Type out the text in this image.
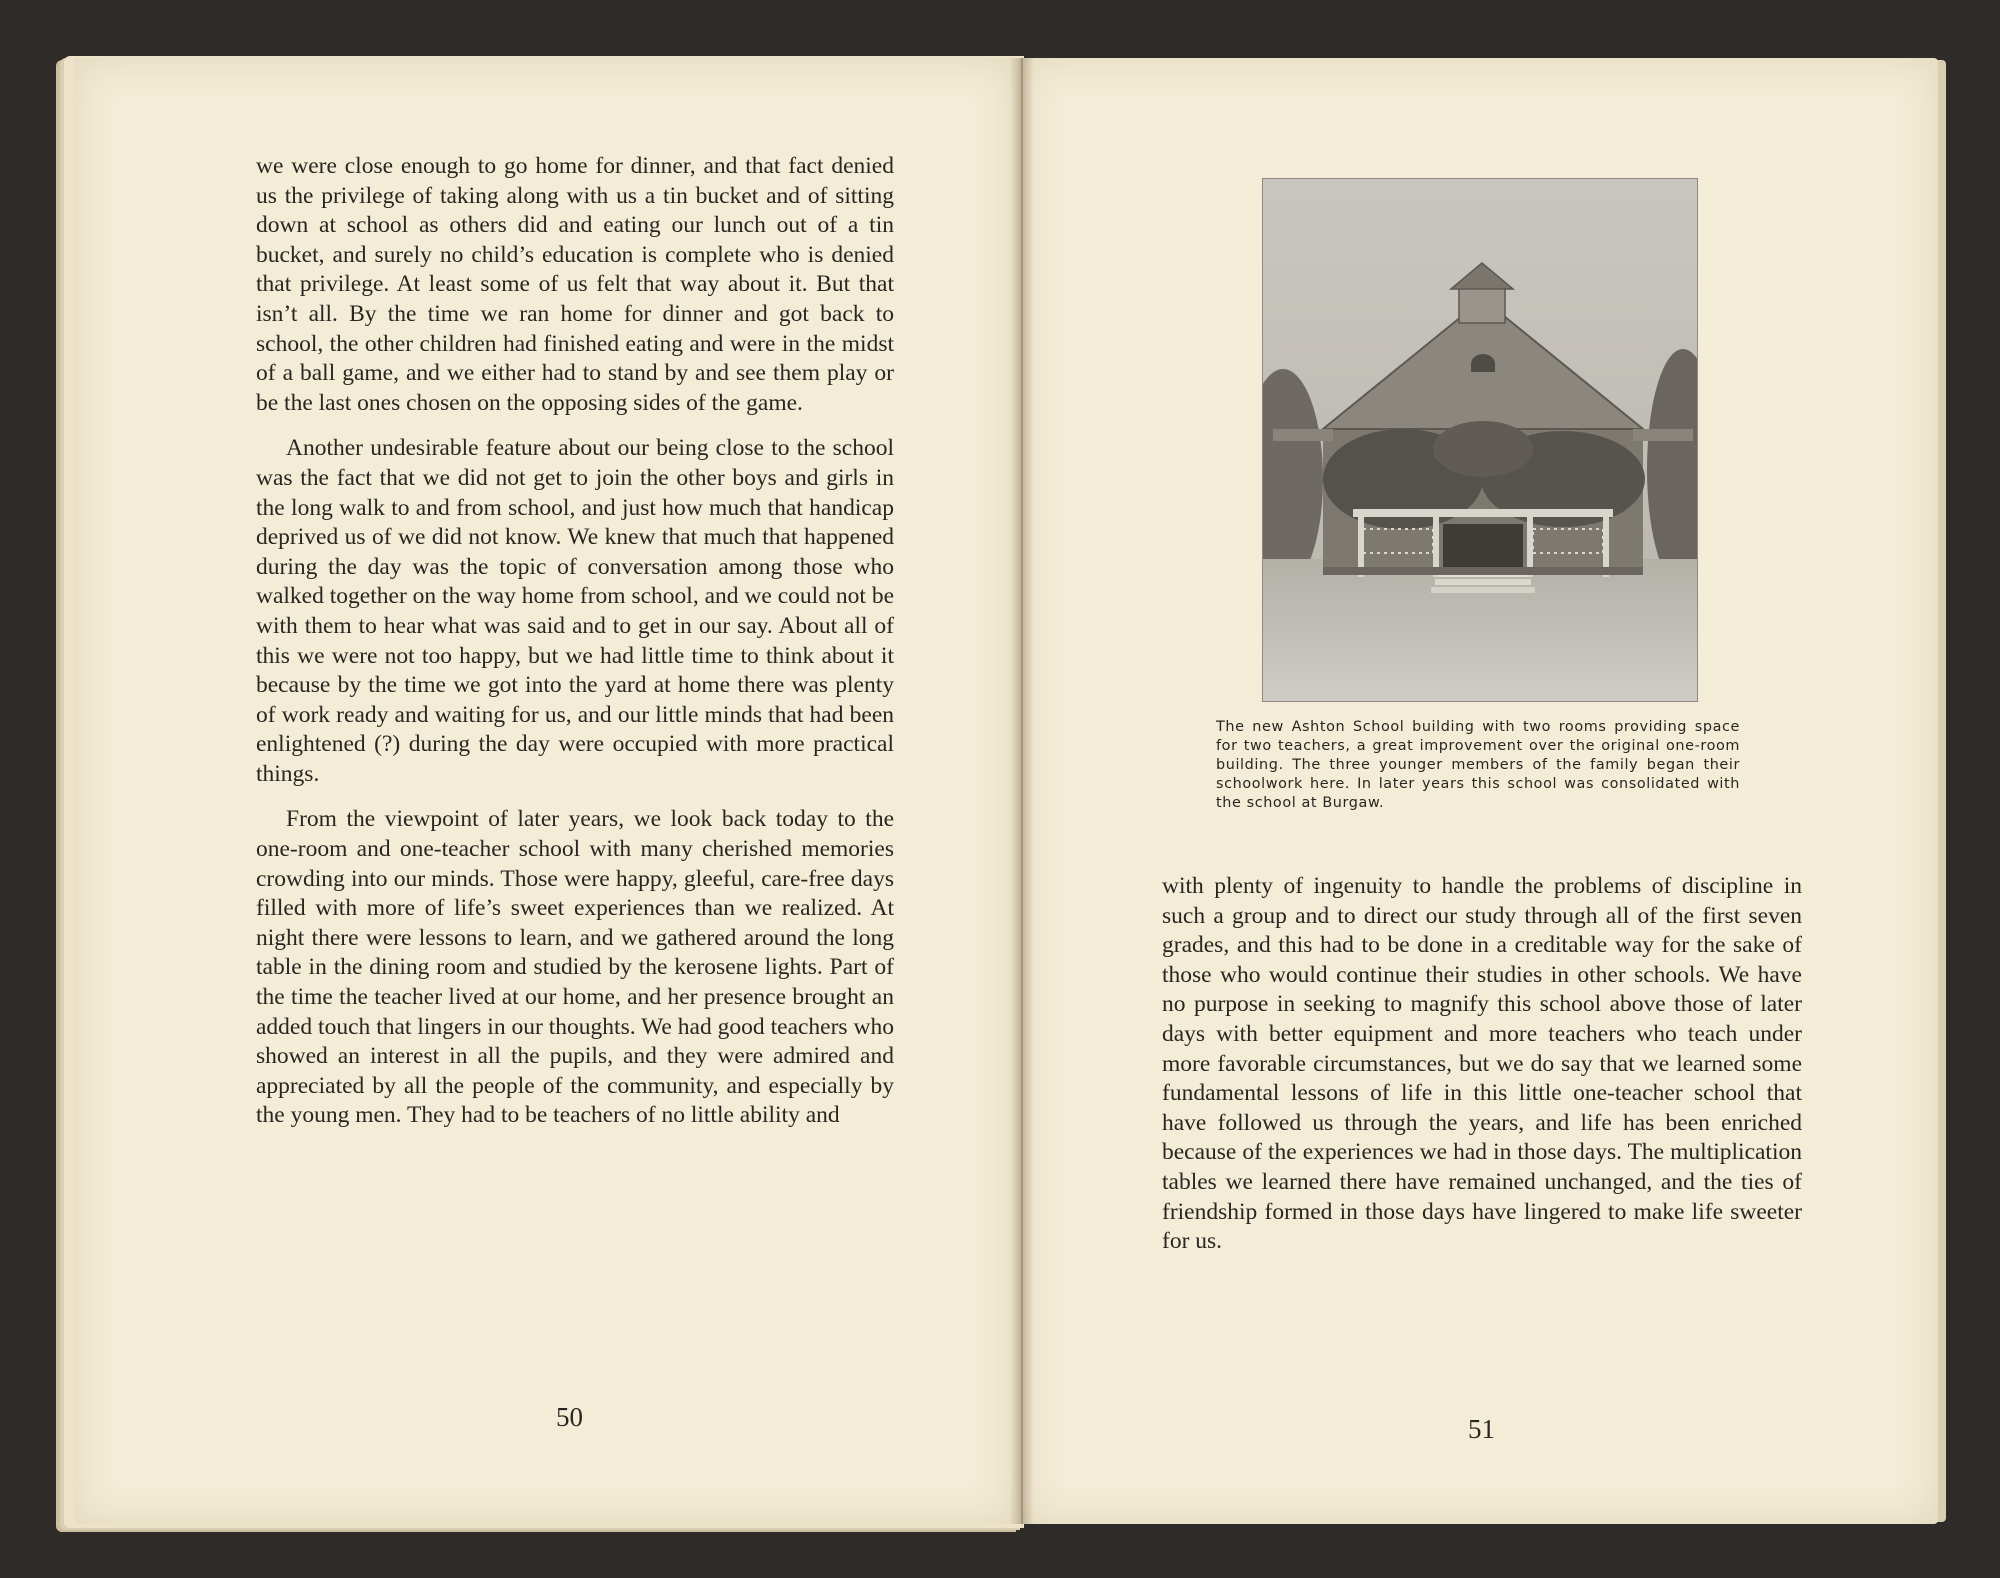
we were close enough to go home for dinner, and that fact denied us the privilege of taking along with us a tin bucket and of sitting down at school as others did and eating our lunch out of a tin bucket, and surely no child’s education is complete who is denied that privilege. At least some of us felt that way about it. But that isn’t all. By the time we ran home for dinner and got back to school, the other children had finished eating and were in the midst of a ball game, and we either had to stand by and see them play or be the last ones chosen on the opposing sides of the game.

Another undesirable feature about our being close to the school was the fact that we did not get to join the other boys and girls in the long walk to and from school, and just how much that handicap deprived us of we did not know. We knew that much that happened during the day was the topic of conversation among those who walked together on the way home from school, and we could not be with them to hear what was said and to get in our say. About all of this we were not too happy, but we had little time to think about it because by the time we got into the yard at home there was plenty of work ready and waiting for us, and our little minds that had been enlightened (?) during the day were occupied with more practical things.

From the viewpoint of later years, we look back today to the one-room and one-teacher school with many cherished memories crowding into our minds. Those were happy, gleeful, care-free days filled with more of life’s sweet experiences than we realized. At night there were lessons to learn, and we gathered around the long table in the dining room and studied by the kerosene lights. Part of the time the teacher lived at our home, and her presence brought an added touch that lingers in our thoughts. We had good teachers who showed an interest in all the pupils, and they were admired and appreciated by all the people of the community, and especially by the young men. They had to be teachers of no little ability and

50
The new Ashton School building with two rooms providing space for two teachers, a great improvement over the original one-room building. The three younger members of the family began their schoolwork here. In later years this school was consolidated with the school at Burgaw.

with plenty of ingenuity to handle the problems of discipline in such a group and to direct our study through all of the first seven grades, and this had to be done in a creditable way for the sake of those who would continue their studies in other schools. We have no purpose in seeking to magnify this school above those of later days with better equipment and more teachers who teach under more favorable circumstances, but we do say that we learned some fundamental lessons of life in this little one-teacher school that have followed us through the years, and life has been enriched because of the experiences we had in those days. The multiplication tables we learned there have remained unchanged, and the ties of friendship formed in those days have lingered to make life sweeter for us.

51
